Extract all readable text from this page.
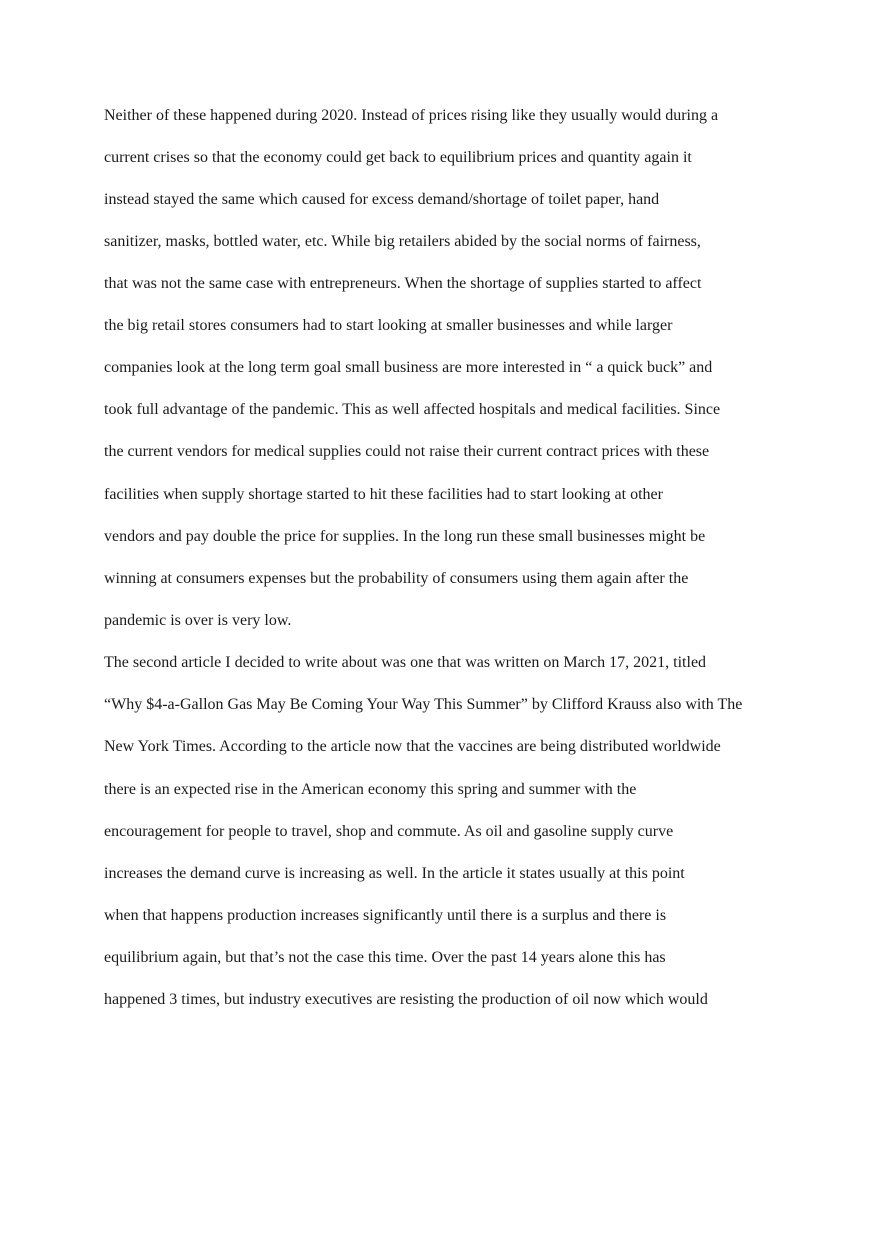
Neither of these happened during 2020. Instead of prices rising like they usually would during a

current crises so that the economy could get back to equilibrium prices and quantity again it

instead stayed the same which caused for excess demand/shortage of toilet paper, hand

sanitizer, masks, bottled water, etc. While big retailers abided by the social norms of fairness,

that was not the same case with entrepreneurs. When the shortage of supplies started to affect

the big retail stores consumers had to start looking at smaller businesses and while larger

companies look at the long term goal small business are more interested in “ a quick buck” and

took full advantage of the pandemic. This as well affected hospitals and medical facilities. Since

the current vendors for medical supplies could not raise their current contract prices with these

facilities when supply shortage started to hit these facilities had to start looking at other

vendors and pay double the price for supplies. In the long run these small businesses might be

winning at consumers expenses but the probability of consumers using them again after the

pandemic is over is very low.

The second article I decided to write about was one that was written on March 17, 2021, titled

“Why $4-a-Gallon Gas May Be Coming Your Way This Summer” by Clifford Krauss also with The

New York Times. According to the article now that the vaccines are being distributed worldwide

there is an expected rise in the American economy this spring and summer with the

encouragement for people to travel, shop and commute. As oil and gasoline supply curve

increases the demand curve is increasing as well. In the article it states usually at this point

when that happens production increases significantly until there is a surplus and there is

equilibrium again, but that’s not the case this time. Over the past 14 years alone this has

happened 3 times, but industry executives are resisting the production of oil now which would
